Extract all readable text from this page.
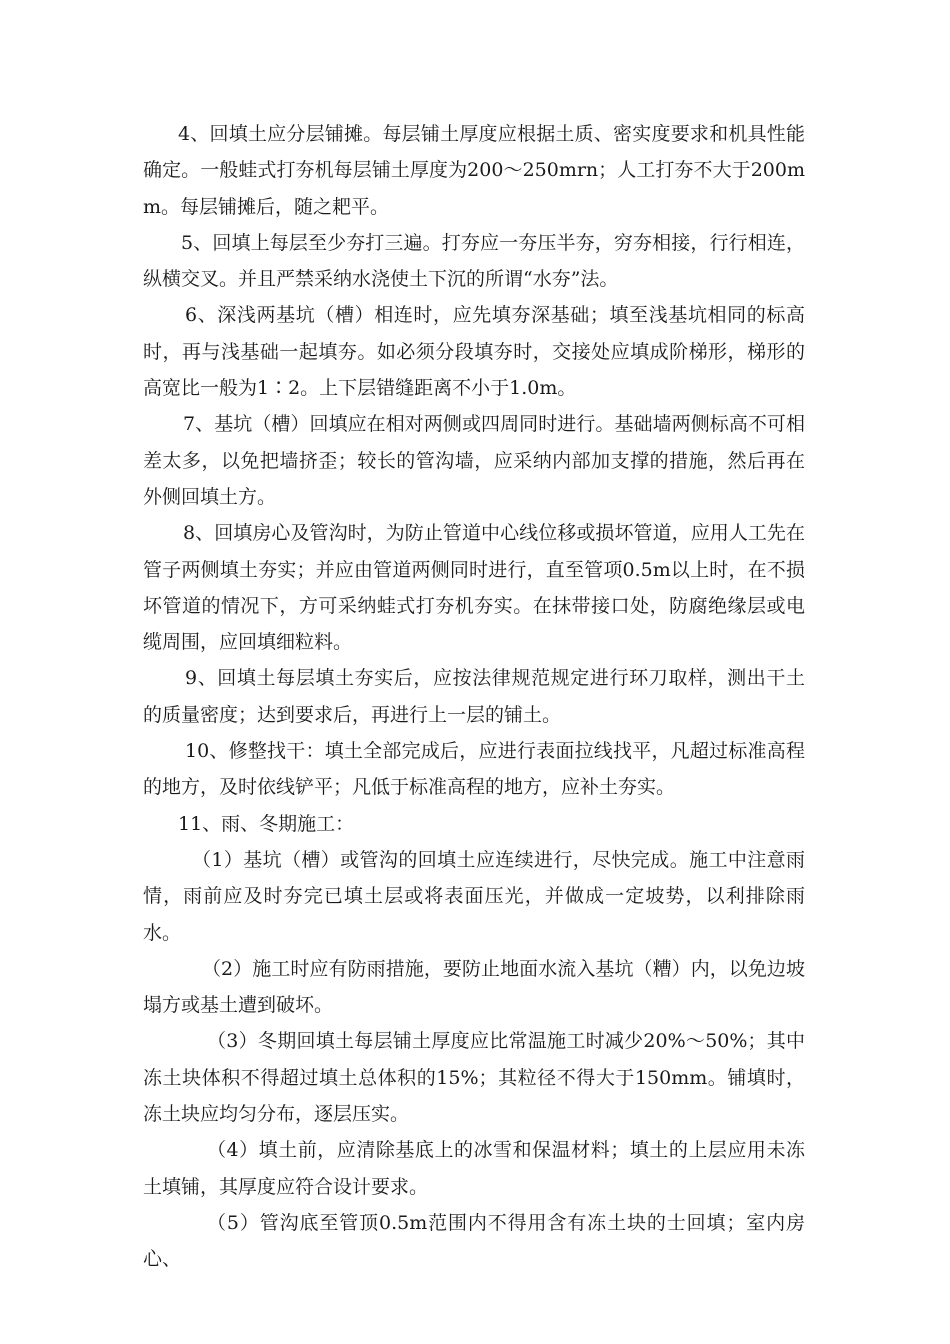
4、回填土应分层铺摊。每层铺土厚度应根据土质、密实度要求和机具性能确定。一般蛙式打夯机每层铺土厚度为200～250mrn；人工打夯不大于200mm。每层铺摊后，随之耙平。

5、回填上每层至少夯打三遍。打夯应一夯压半夯，穷夯相接，行行相连，纵横交叉。并且严禁采纳水浇使土下沉的所谓“水夯”法。

6、深浅两基坑（槽）相连时，应先填夯深基础；填至浅基坑相同的标高时，再与浅基础一起填夯。如必须分段填夯时，交接处应填成阶梯形，梯形的高宽比一般为1∶2。上下层错缝距离不小于1.0m。

7、基坑（槽）回填应在相对两侧或四周同时进行。基础墙两侧标高不可相差太多，以免把墙挤歪；较长的管沟墙，应采纳内部加支撑的措施，然后再在外侧回填土方。

8、回填房心及管沟时，为防止管道中心线位移或损坏管道，应用人工先在管子两侧填土夯实；并应由管道两侧同时进行，直至管项0.5m以上时，在不损坏管道的情况下，方可采纳蛙式打夯机夯实。在抹带接口处，防腐绝缘层或电缆周围，应回填细粒料。

9、回填土每层填土夯实后，应按法律规范规定进行环刀取样，测出干土的质量密度；达到要求后，再进行上一层的铺土。

10、修整找干：填土全部完成后，应进行表面拉线找平，凡超过标准高程的地方，及时依线铲平；凡低于标准高程的地方，应补土夯实。

11、雨、冬期施工：

（1）基坑（槽）或管沟的回填土应连续进行，尽快完成。施工中注意雨情，雨前应及时夯完已填土层或将表面压光，并做成一定坡势，以利排除雨水。

（2）施工时应有防雨措施，要防止地面水流入基坑（糟）内，以免边坡塌方或基土遭到破坏。

（3）冬期回填土每层铺土厚度应比常温施工时减少20%～50%；其中冻土块体积不得超过填土总体积的15%；其粒径不得大于150mm。铺填时，冻土块应均匀分布，逐层压实。

（4）填土前，应清除基底上的冰雪和保温材料；填土的上层应用未冻土填铺，其厚度应符合设计要求。

（5）管沟底至管顶0.5m范围内不得用含有冻土块的士回填；室内房心、
